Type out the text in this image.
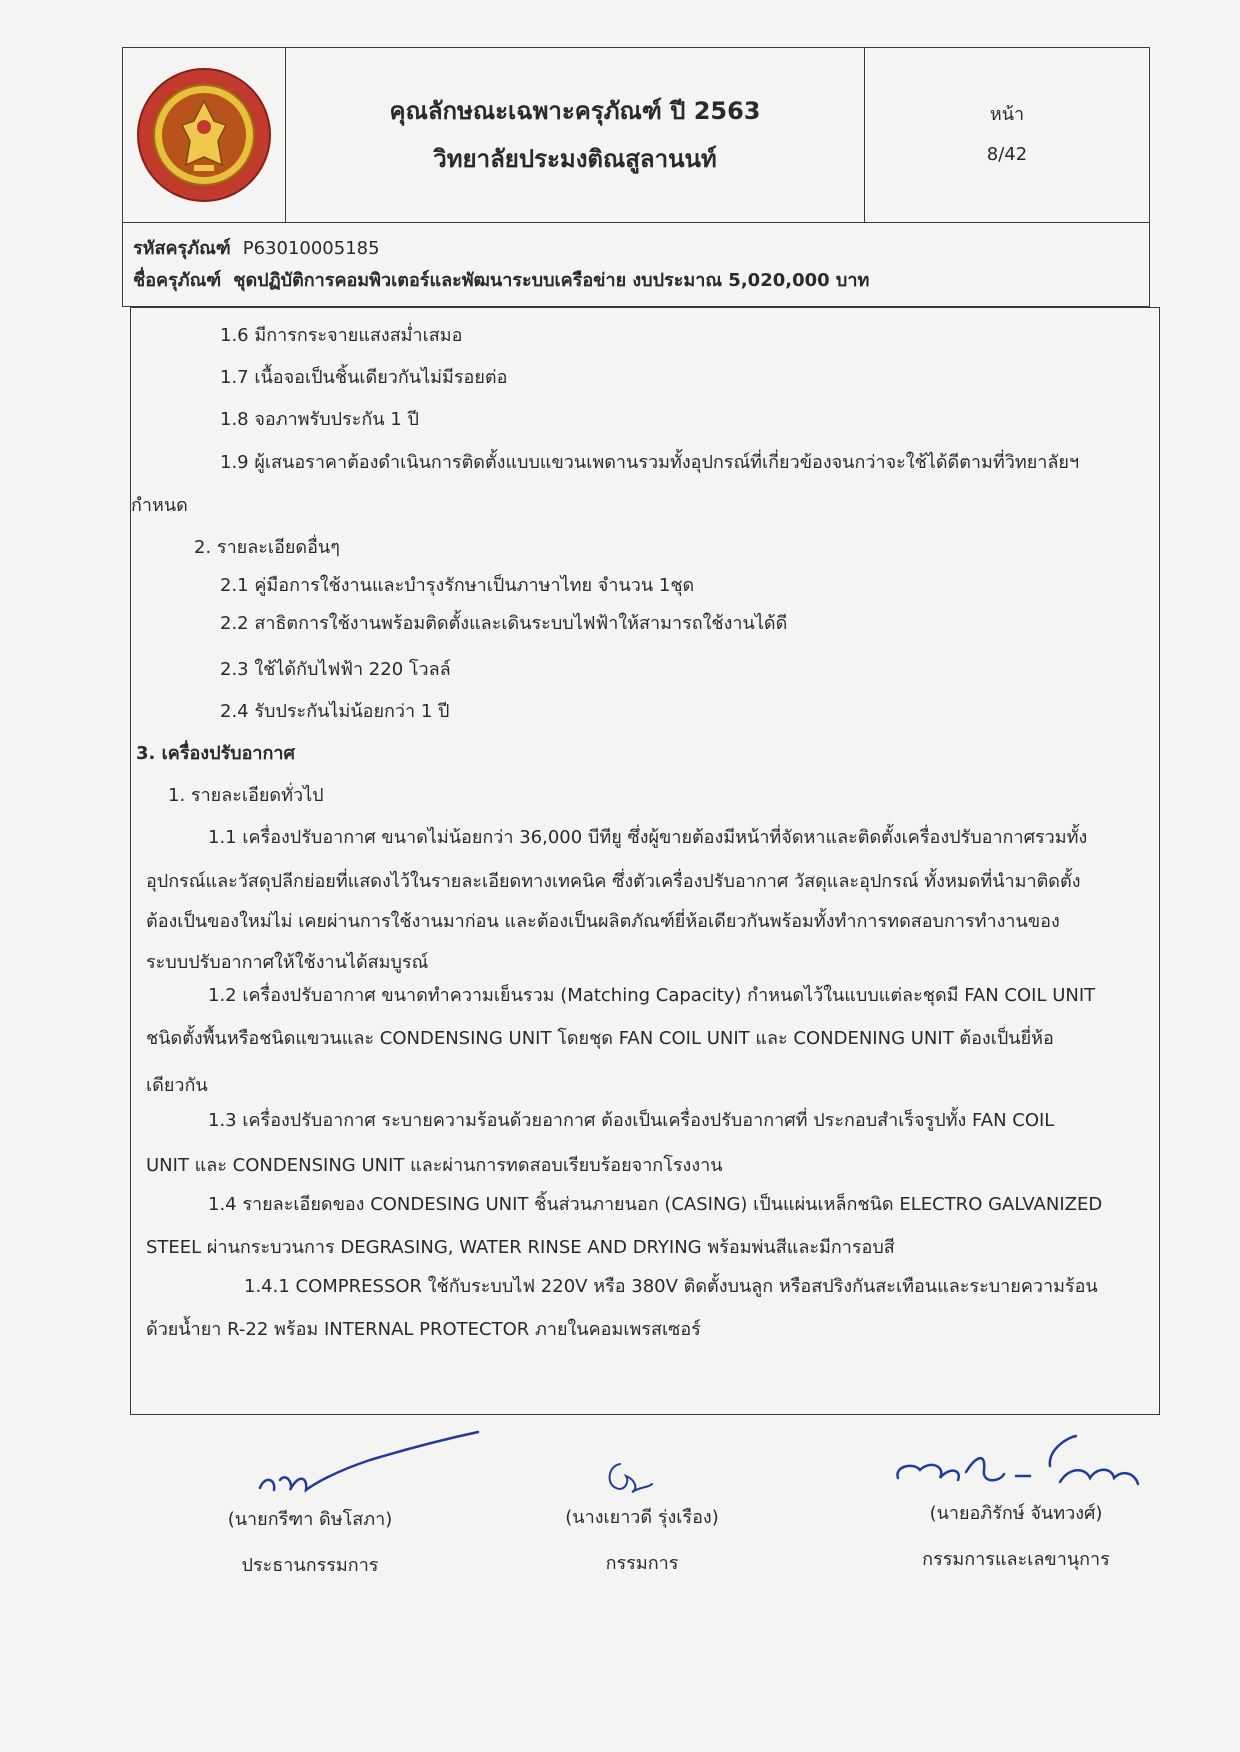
คุณลักษณะเฉพาะครุภัณฑ์ ปี 2563
วิทยาลัยประมงติณสูลานนท์
หน้า
8/42
รหัสครุภัณฑ์ P63010005185
ชื่อครุภัณฑ์ ชุดปฏิบัติการคอมพิวเตอร์และพัฒนาระบบเครือข่าย งบประมาณ 5,020,000 บาท
1.6 มีการกระจายแสงสม่ำเสมอ
1.7 เนื้อจอเป็นชิ้นเดียวกันไม่มีรอยต่อ
1.8 จอภาพรับประกัน 1 ปี
1.9 ผู้เสนอราคาต้องดำเนินการติดตั้งแบบแขวนเพดานรวมทั้งอุปกรณ์ที่เกี่ยวข้องจนกว่าจะใช้ได้ดีตามที่วิทยาลัยฯ
กำหนด
2. รายละเอียดอื่นๆ
2.1 คู่มือการใช้งานและบำรุงรักษาเป็นภาษาไทย จำนวน 1ชุด
2.2 สาธิตการใช้งานพร้อมติดตั้งและเดินระบบไฟฟ้าให้สามารถใช้งานได้ดี
2.3 ใช้ได้กับไฟฟ้า 220 โวลล์
2.4 รับประกันไม่น้อยกว่า 1 ปี
3. เครื่องปรับอากาศ
1. รายละเอียดทั่วไป
1.1 เครื่องปรับอากาศ ขนาดไม่น้อยกว่า 36,000 บีทียู ซึ่งผู้ขายต้องมีหน้าที่จัดหาและติดตั้งเครื่องปรับอากาศรวมทั้ง
อุปกรณ์และวัสดุปลีกย่อยที่แสดงไว้ในรายละเอียดทางเทคนิค ซึ่งตัวเครื่องปรับอากาศ วัสดุและอุปกรณ์ ทั้งหมดที่นำมาติดตั้ง
ต้องเป็นของใหม่ไม่ เคยผ่านการใช้งานมาก่อน และต้องเป็นผลิตภัณฑ์ยี่ห้อเดียวกันพร้อมทั้งทำการทดสอบการทำงานของ
ระบบปรับอากาศให้ใช้งานได้สมบูรณ์
1.2 เครื่องปรับอากาศ ขนาดทำความเย็นรวม (Matching Capacity) กำหนดไว้ในแบบแต่ละชุดมี FAN COIL UNIT
ชนิดตั้งพื้นหรือชนิดแขวนและ CONDENSING UNIT โดยชุด FAN COIL UNIT และ CONDENING UNIT ต้องเป็นยี่ห้อ
เดียวกัน
1.3 เครื่องปรับอากาศ ระบายความร้อนด้วยอากาศ ต้องเป็นเครื่องปรับอากาศที่ ประกอบสำเร็จรูปทั้ง FAN COIL
UNIT และ CONDENSING UNIT และผ่านการทดสอบเรียบร้อยจากโรงงาน
1.4 รายละเอียดของ CONDESING UNIT ชิ้นส่วนภายนอก (CASING) เป็นแผ่นเหล็กชนิด ELECTRO GALVANIZED
STEEL ผ่านกระบวนการ DEGRASING, WATER RINSE AND DRYING พร้อมพ่นสีและมีการอบสี
1.4.1 COMPRESSOR ใช้กับระบบไฟ 220V หรือ 380V ติดตั้งบนลูก หรือสปริงกันสะเทือนและระบายความร้อน
ด้วยน้ำยา R-22 พร้อม INTERNAL PROTECTOR ภายในคอมเพรสเซอร์
(นายกรีฑา ดิษโสภา)
ประธานกรรมการ
(นางเยาวดี รุ่งเรือง)
กรรมการ
(นายอภิรักษ์ จันทวงศ์)
กรรมการและเลขานุการ
